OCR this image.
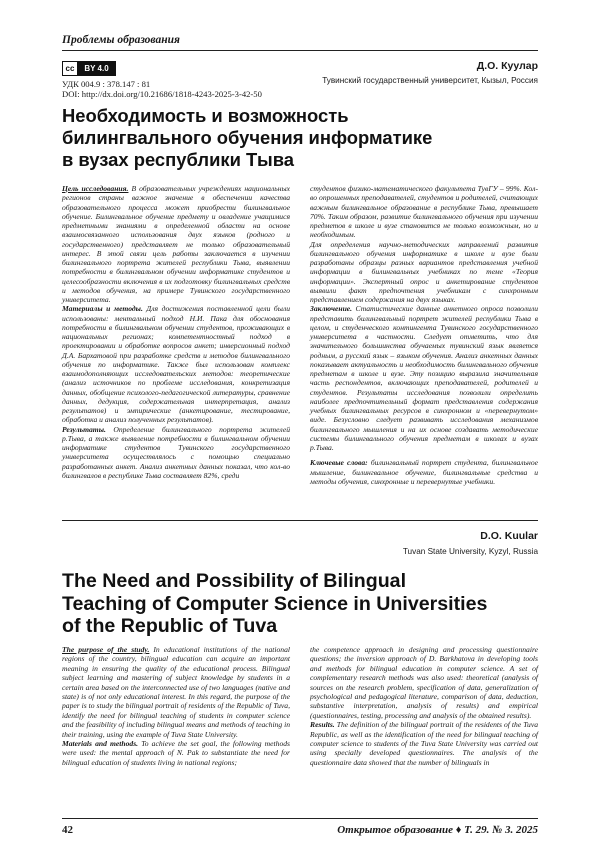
Проблемы образования
cc	BY 4.0
УДК 004.9 : 378.147 : 81
DOI: http://dx.doi.org/10.21686/1818-4243-2025-3-42-50
Д.О. Куулар
Тувинский государственный университет, Кызыл, Россия
Необходимость и возможность
билингвального обучения информатике
в вузах республики Тыва

Цель исследования. В образовательных учреждениях национальных регионов страны важное значение в обеспечении качества образовательного процесса может приобрести билингвальное обучение. Билингвальное обучение предмету и овладение учащимися предметными знаниями в определенной области на основе взаимосвязанного использования двух языков (родного и государственного) представляет не только образовательный интерес. В этой связи цель работы заключается в изучении билингвального портрета жителей республики Тыва, выявлении потребности в билингвальном обучении информатике студентов и целесообразности включения в их подготовку билингвальных средств и методов обучения, на примере Тувинского государственного университета.

Материалы и методы. Для достижения поставленной цели были использованы: ментальный подход Н.И. Пака для обоснования потребности в билингвальном обучении студентов, проживающих в национальных регионах; компетентностный подход в проектировании и обработке вопросов анкет; инверсионный подход Д.А. Бархатовой при разработке средств и методов билингвального обучения по информатике. Также был использован комплекс взаимодополняющих исследовательских методов: теоретические (анализ источников по проблеме исследования, конкретизация данных, обобщение психолого-педагогической литературы, сравнение данных, дедукция, содержательная интерпретация, анализ результатов) и эмпирические (анкетирование, тестирование, обработка и анализ полученных результатов).

Результаты. Определение билингвального портрета жителей р.Тыва, а также выявление потребности в билингвальном обучении информатике студентов Тувинского государственного университета осуществлялось с помощью специально разработанных анкет. Анализ анкетных данных показал, что кол-во билингвалов в республике Тыва составляет 82%, среди

студентов физико-математического факультета ТувГУ – 99%. Кол-во опрошенных преподавателей, студентов и родителей, считающих важным билингвальное образование в республике Тыва, превышает 70%. Таким образом, развитие билингвального обучения при изучении предметов в школе и вузе становится не только возможным, но и необходимым.

Для определения научно-методических направлений развития билингвального обучения информатике в школе и вузе были разработаны образцы разных вариантов представления учебной информации в билингвальных учебниках по теме «Теория информации». Экспертный опрос и анкетирование студентов выявили факт предпочтения учебникам с синхронным представлением содержания на двух языках.

Заключение. Статистические данные анкетного опроса позволили представить билингвальный портрет жителей республики Тыва в целом, и студенческого контингента Тувинского государственного университета в частности. Следует отметить, что для значительного большинства обучаемых тувинский язык является родным, а русский язык – языком обучения. Анализ анкетных данных показывает актуальность и необходимость билингвального обучения предметам в школе и вузе. Эту позицию выразила значительная часть респондентов, включающих преподавателей, родителей и студентов. Результаты исследования позволили определить наиболее предпочтительный формат представления содержания учебных билингвальных ресурсов в синхронном и «перевернутом» виде. Безусловно следует развивать исследования механизмов билингвального мышления и на их основе создавать методические системы билингвального обучения предметам в школах и вузах р.Тыва.

Ключевые слова: билингвальный портрет студента, билингвальное мышление, билингвальное обучение, билингвальные средства и методы обучения, синхронные и перевернутые учебники.

D.O. Kuular
Tuvan State University, Kyzyl, Russia
The Need and Possibility of Bilingual
Teaching of Computer Science in Universities
of the Republic of Tuva

The purpose of the study. In educational institutions of the national regions of the country, bilingual education can acquire an important meaning in ensuring the quality of the educational process. Bilingual subject learning and mastering of subject knowledge by students in a certain area based on the interconnected use of two languages (native and state) is of not only educational interest. In this regard, the purpose of the paper is to study the bilingual portrait of residents of the Republic of Tuva, identify the need for bilingual teaching of students in computer science and the feasibility of including bilingual means and methods of teaching in their training, using the example of Tuva State University.

Materials and methods. To achieve the set goal, the following methods were used: the mental approach of N. Pak to substantiate the need for bilingual education of students living in national regions;

the competence approach in designing and processing questionnaire questions; the inversion approach of D. Barkhatova in developing tools and methods for bilingual education in computer science. A set of complementary research methods was also used: theoretical (analysis of sources on the research problem, specification of data, generalization of psychological and pedagogical literature, comparison of data, deduction, substantive interpretation, analysis of results) and empirical (questionnaires, testing, processing and analysis of the obtained results).

Results. The definition of the bilingual portrait of the residents of the Tuva Republic, as well as the identification of the need for bilingual teaching of computer science to students of the Tuva State University was carried out using specially developed questionnaires. The analysis of the questionnaire data showed that the number of bilinguals in

42	Открытое образование ♦ Т. 29. № 3. 2025
